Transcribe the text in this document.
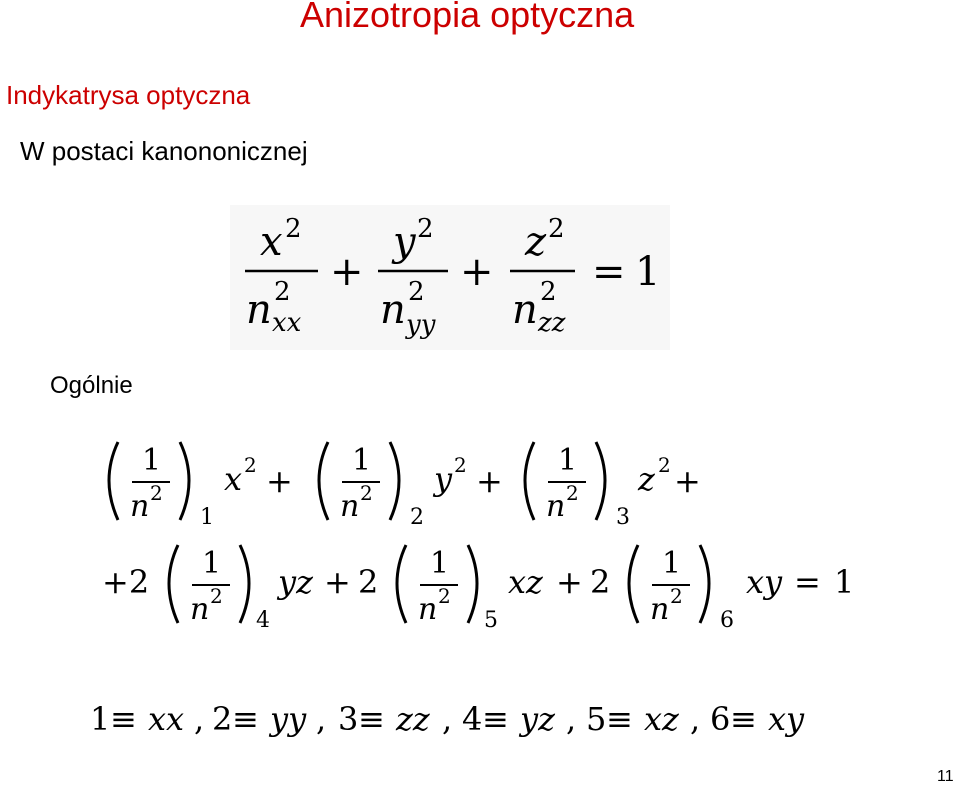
Anizotropia optyczna
Indykatrysa optyczna
W postaci kanononicznej
Ogólnie
11
x 2
n 2
xx
+
y 2
n 2
yy
+
z 2
n 2
zz
= 1
1
n 2
1
x 2 +
1
n 2
2
y 2 +
1
n 2
3
z 2 +
+2 1
n 2
4
yz + 2 1
n 2
5
xz + 2 1
n 2
6
xy = 1
1 ≡ xx , 2 ≡ yy , 3 ≡ zz , 4 ≡ yz , 5 ≡ xz , 6 ≡ xy
